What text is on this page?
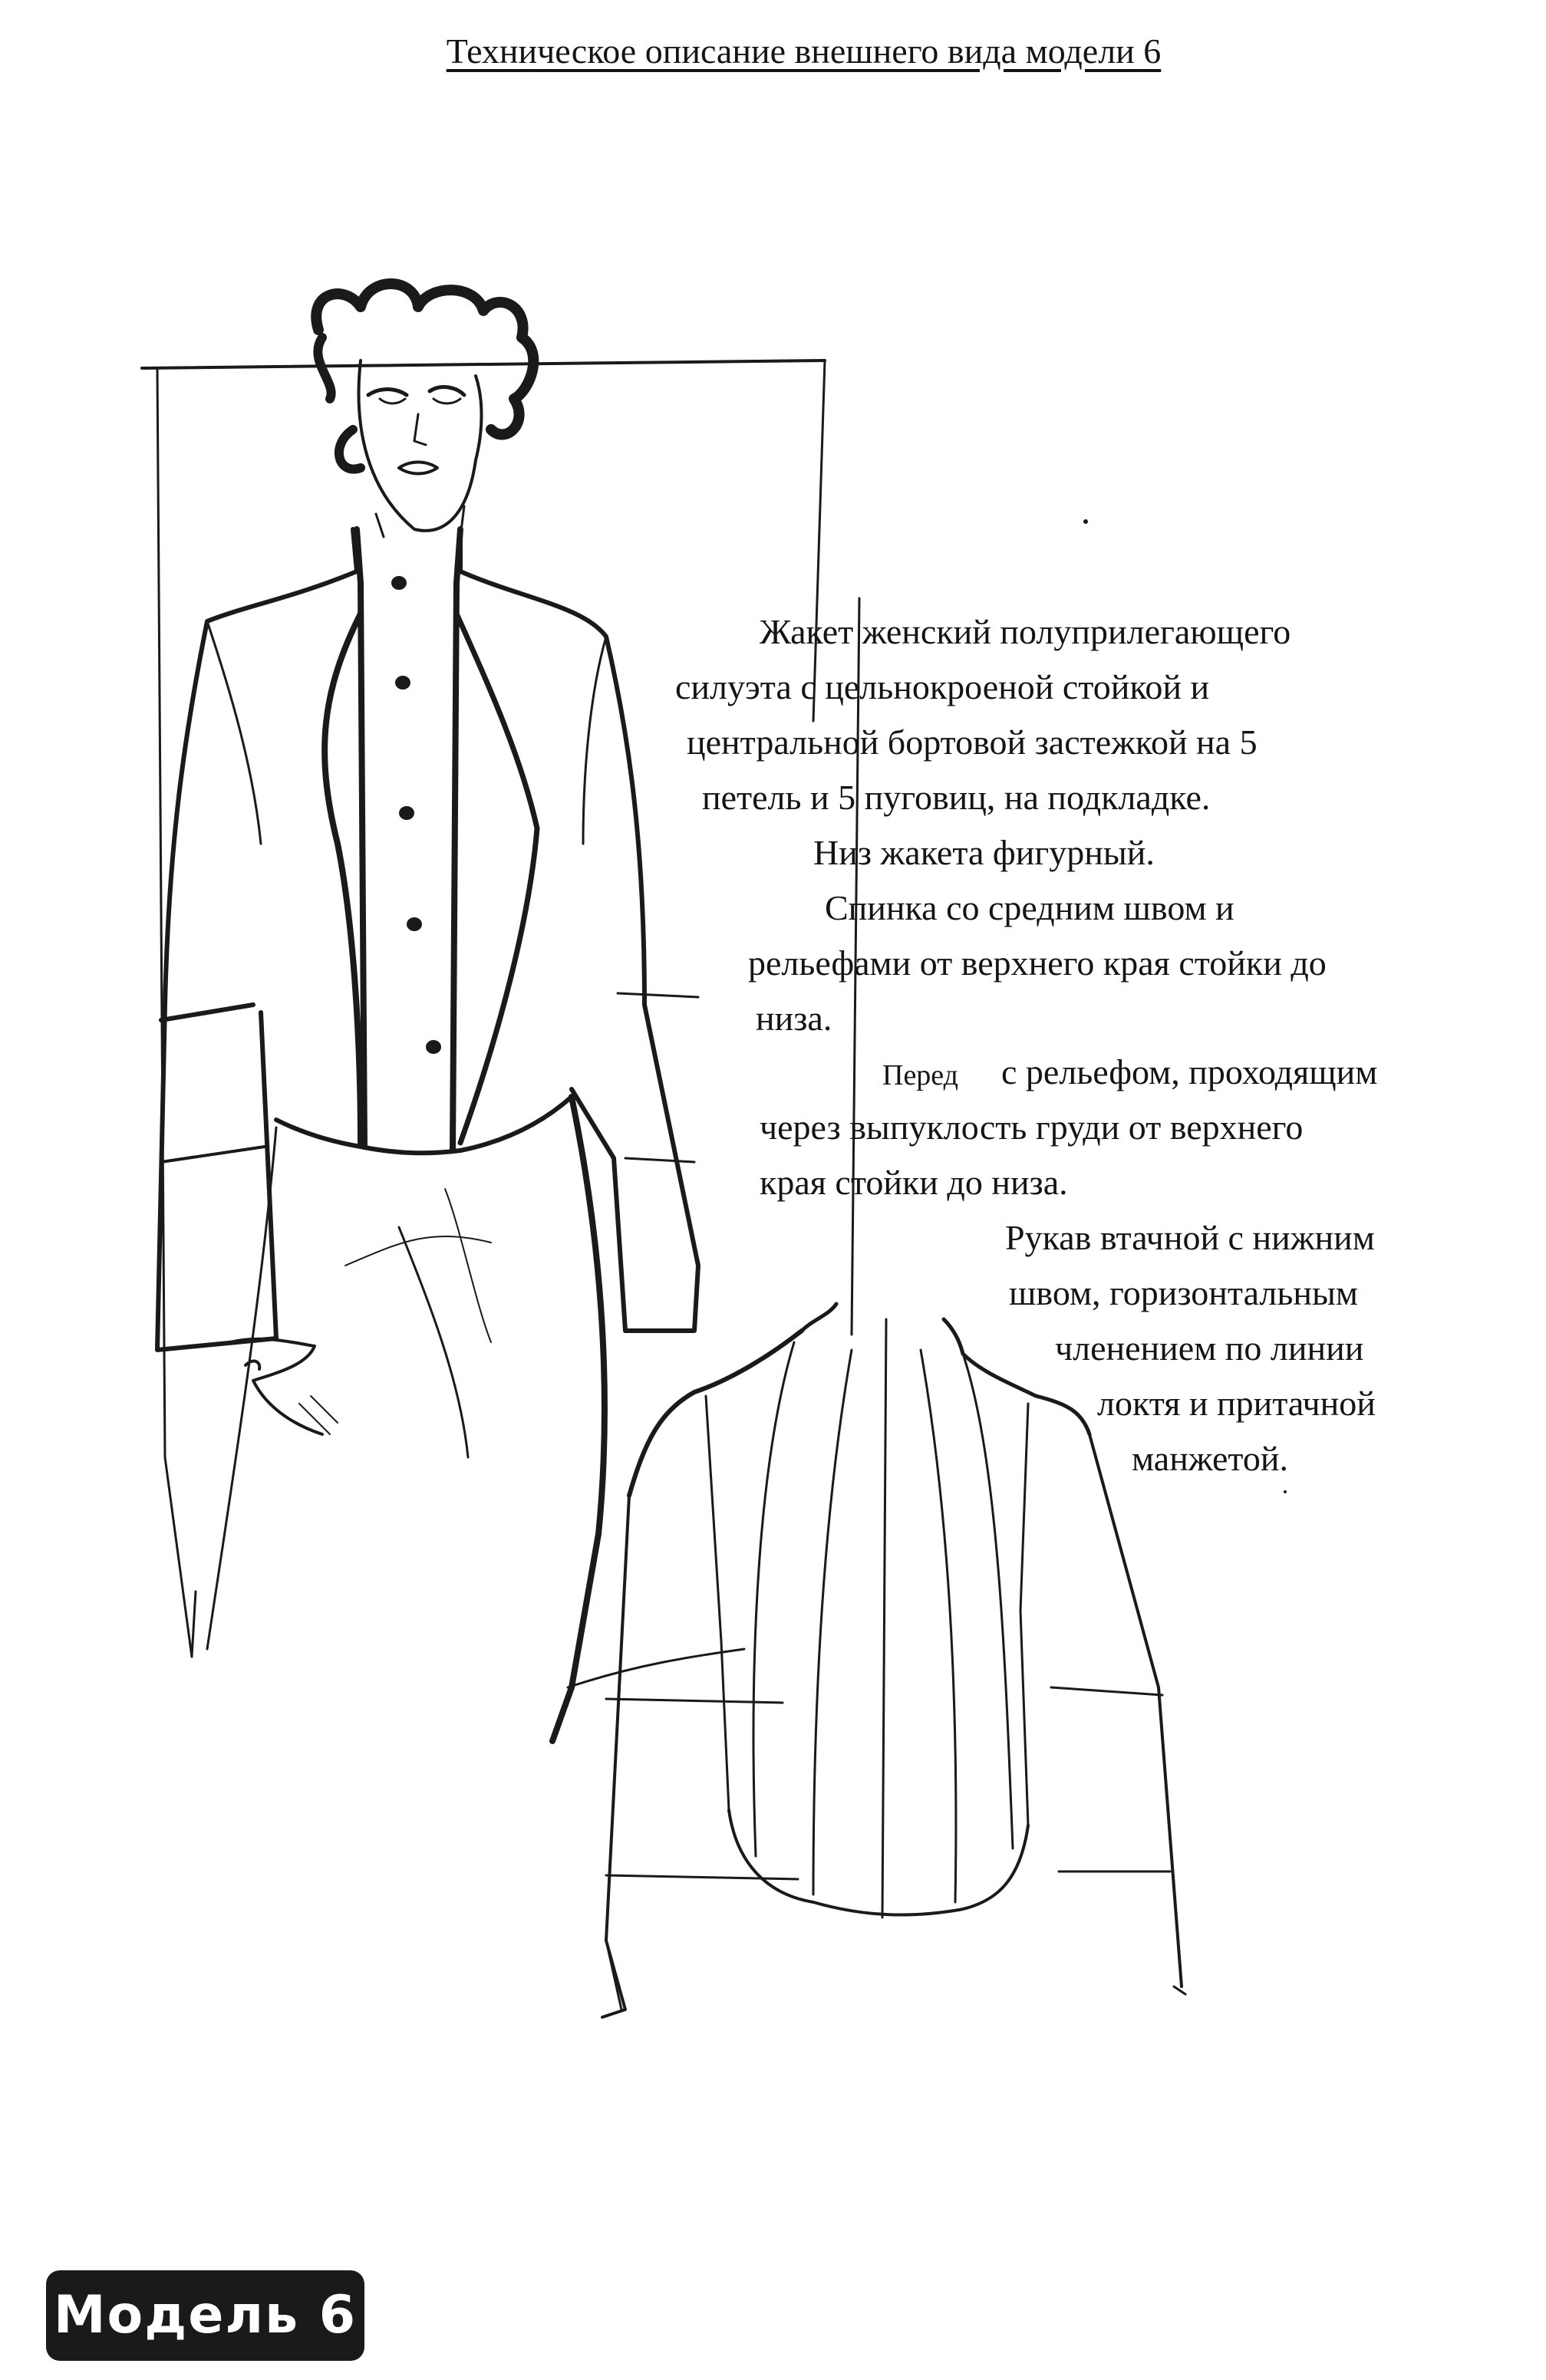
Техническое описание внешнего вида модели 6
Жакет женский полуприлегающего
силуэта с цельнокроеной стойкой и
центральной бортовой застежкой на 5
петель и 5 пуговиц, на подкладке.
Низ жакета фигурный.
Спинка со средним швом и
рельефами от верхнего края стойки до
низа.
Перед с рельефом, проходящим
через выпуклость груди от верхнего
края стойки до низа.
Рукав втачной с нижним
швом, горизонтальным
членением по линии
локтя и притачной
манжетой.
Модель 6
